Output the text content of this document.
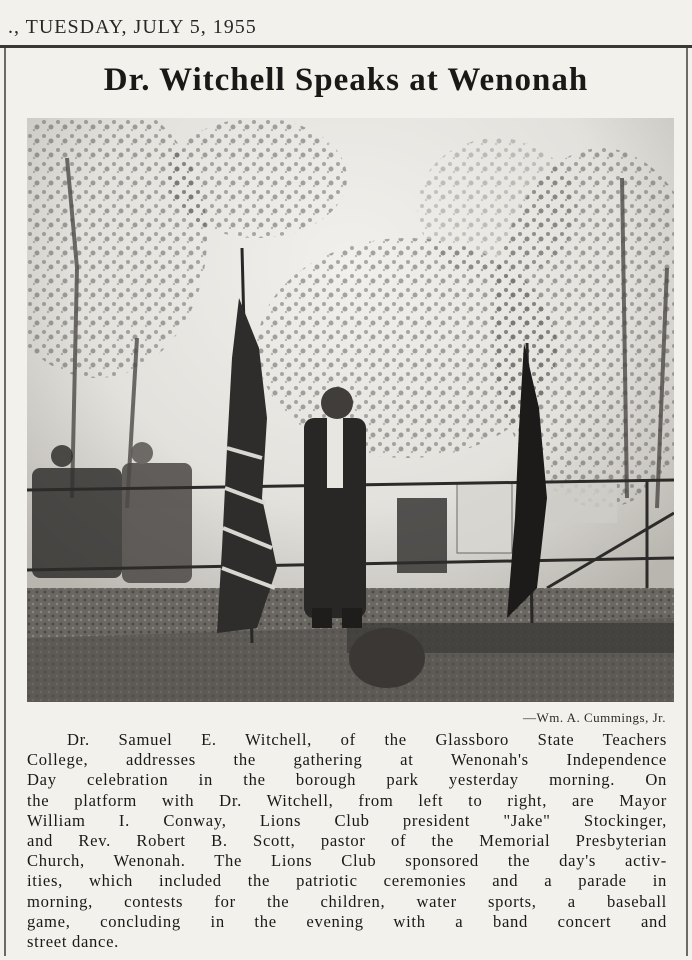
., TUESDAY, JULY 5, 1955
Dr. Witchell Speaks at Wenonah
—Wm. A. Cummings, Jr.
Dr. Samuel E. Witchell, of the Glassboro State Teachers
College, addresses the gathering at Wenonah's Independence
Day celebration in the borough park yesterday morning. On
the platform with Dr. Witchell, from left to right, are Mayor
William I. Conway, Lions Club president "Jake" Stockinger,
and Rev. Robert B. Scott, pastor of the Memorial Presbyterian
Church, Wenonah. The Lions Club sponsored the day's activ-
ities, which included the patriotic ceremonies and a parade in
morning, contests for the children, water sports, a baseball
game, concluding in the evening with a band concert and
street dance.
